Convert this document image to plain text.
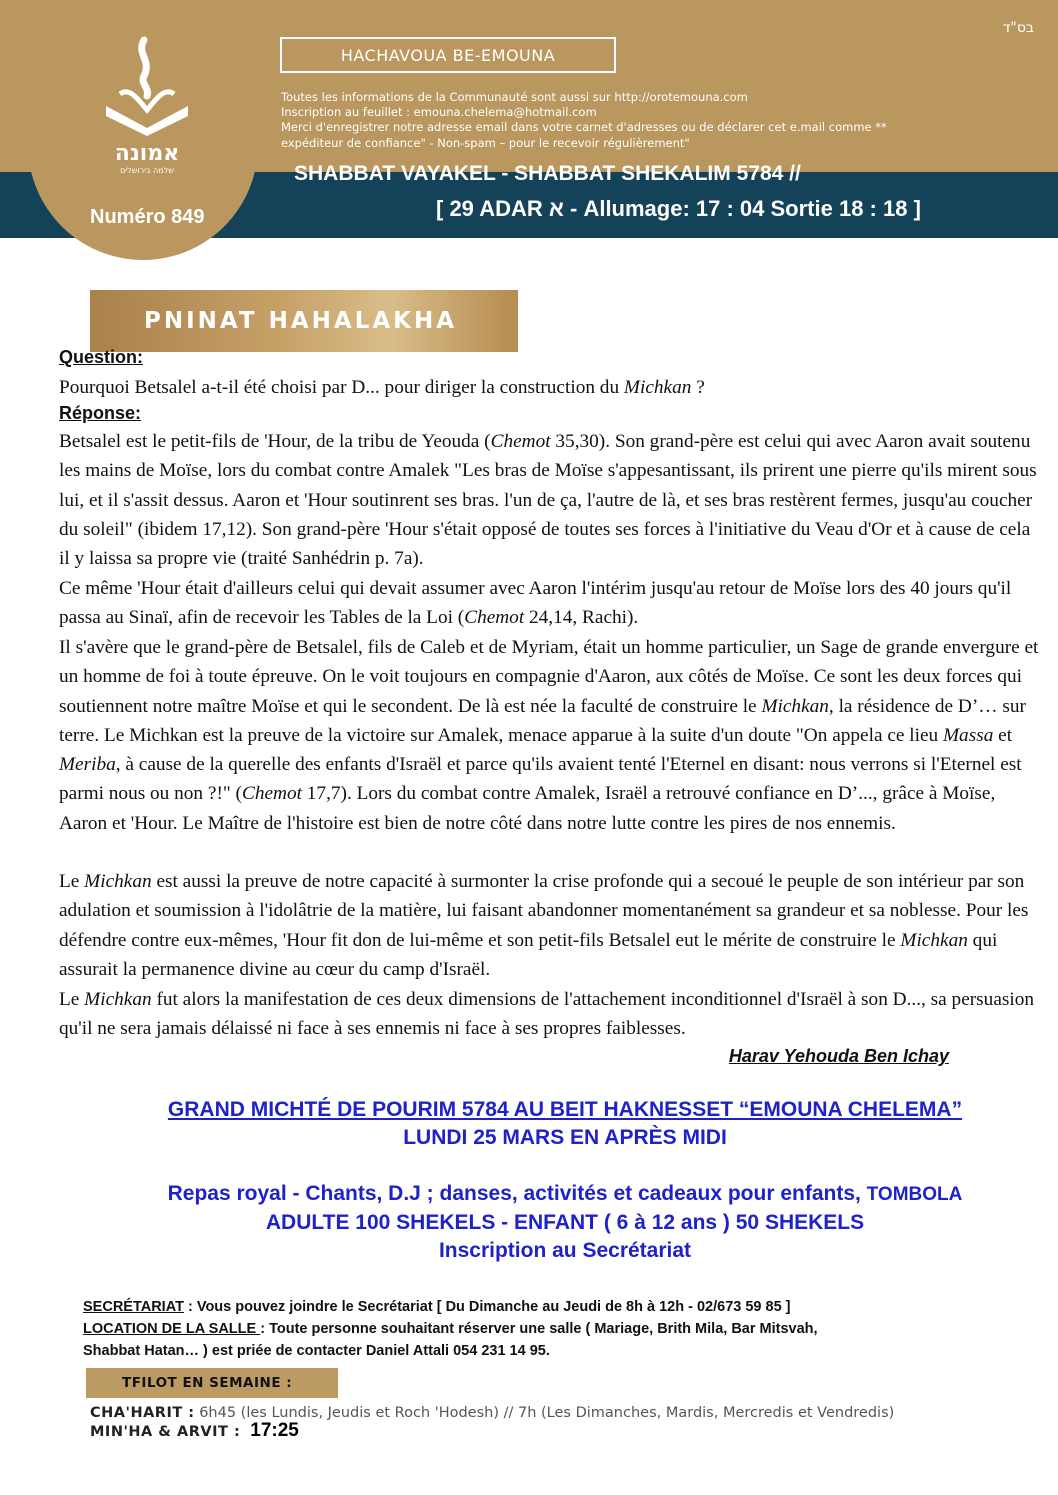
בס"ד
אמונה
שלמה בירושלים
Numéro 849
HACHAVOUA BE-EMOUNA
Toutes les informations de la Communauté sont aussi sur http://orotemouna.com
Inscription au feuillet : emouna.chelema@hotmail.com
Merci d'enregistrer notre adresse email dans votre carnet d'adresses ou de déclarer cet e.mail comme **
expéditeur de confiance" - Non-spam – pour le recevoir régulièrement"
SHABBAT VAYAKEL - SHABBAT SHEKALIM 5784 //
[ 29 ADAR א - Allumage: 17 : 04 Sortie 18 : 18 ]
PNINAT HAHALAKHA
Question:

Pourquoi Betsalel a-t-il été choisi par D... pour diriger la construction du Michkan ?

Réponse:

Betsalel est le petit-fils de 'Hour, de la tribu de Yeouda (Chemot 35,30). Son grand-père est celui qui avec Aaron avait soutenu les mains de Moïse, lors du combat contre Amalek "Les bras de Moïse s'appesantissant, ils prirent une pierre qu'ils mirent sous lui, et il s'assit dessus. Aaron et 'Hour soutinrent ses bras. l'un de ça, l'autre de là, et ses bras restèrent fermes, jusqu'au coucher du soleil" (ibidem 17,12). Son grand-père 'Hour s'était opposé de toutes ses forces à l'initiative du Veau d'Or et à cause de cela il y laissa sa propre vie (traité Sanhédrin p. 7a).

Ce même 'Hour était d'ailleurs celui qui devait assumer avec Aaron l'intérim jusqu'au retour de Moïse lors des 40 jours qu'il passa au Sinaï, afin de recevoir les Tables de la Loi (Chemot 24,14, Rachi).

Il s'avère que le grand-père de Betsalel, fils de Caleb et de Myriam, était un homme particulier, un Sage de grande envergure et un homme de foi à toute épreuve. On le voit toujours en compagnie d'Aaron, aux côtés de Moïse. Ce sont les deux forces qui soutiennent notre maître Moïse et qui le secondent. De là est née la faculté de construire le Michkan, la résidence de D’… sur terre. Le Michkan est la preuve de la victoire sur Amalek, menace apparue à la suite d'un doute "On appela ce lieu Massa et Meriba, à cause de la querelle des enfants d'Israël et parce qu'ils avaient tenté l'Eternel en disant: nous verrons si l'Eternel est parmi nous ou non ?!" (Chemot 17,7). Lors du combat contre Amalek, Israël a retrouvé confiance en D’..., grâce à Moïse, Aaron et 'Hour. Le Maître de l'histoire est bien de notre côté dans notre lutte contre les pires de nos ennemis.

Le Michkan est aussi la preuve de notre capacité à surmonter la crise profonde qui a secoué le peuple de son intérieur par son adulation et soumission à l'idolâtrie de la matière, lui faisant abandonner momentanément sa grandeur et sa noblesse. Pour les défendre contre eux-mêmes, 'Hour fit don de lui-même et son petit-fils Betsalel eut le mérite de construire le Michkan qui assurait la permanence divine au cœur du camp d'Israël.

Le Michkan fut alors la manifestation de ces deux dimensions de l'attachement inconditionnel d'Israël à son D..., sa persuasion qu'il ne sera jamais délaissé ni face à ses ennemis ni face à ses propres faiblesses.

Harav Yehouda Ben Ichay
GRAND MICHTÉ DE POURIM 5784 AU BEIT HAKNESSET “EMOUNA CHELEMA”
LUNDI 25 MARS EN APRÈS MIDI
Repas royal - Chants, D.J ; danses, activités et cadeaux pour enfants, TOMBOLA
ADULTE 100 SHEKELS - ENFANT ( 6 à 12 ans ) 50 SHEKELS
Inscription au Secrétariat
SECRÉTARIAT : Vous pouvez joindre le Secrétariat [ Du Dimanche au Jeudi de 8h à 12h - 02/673 59 85 ]
LOCATION DE LA SALLE : Toute personne souhaitant réserver une salle ( Mariage, Brith Mila, Bar Mitsvah,
Shabbat Hatan… ) est priée de contacter Daniel Attali 054 231 14 95.
TFILOT EN SEMAINE :
CHA'HARIT : 6h45 (les Lundis, Jeudis et Roch 'Hodesh) // 7h (Les Dimanches, Mardis, Mercredis et Vendredis)
MIN'HA & ARVIT : 17:25
